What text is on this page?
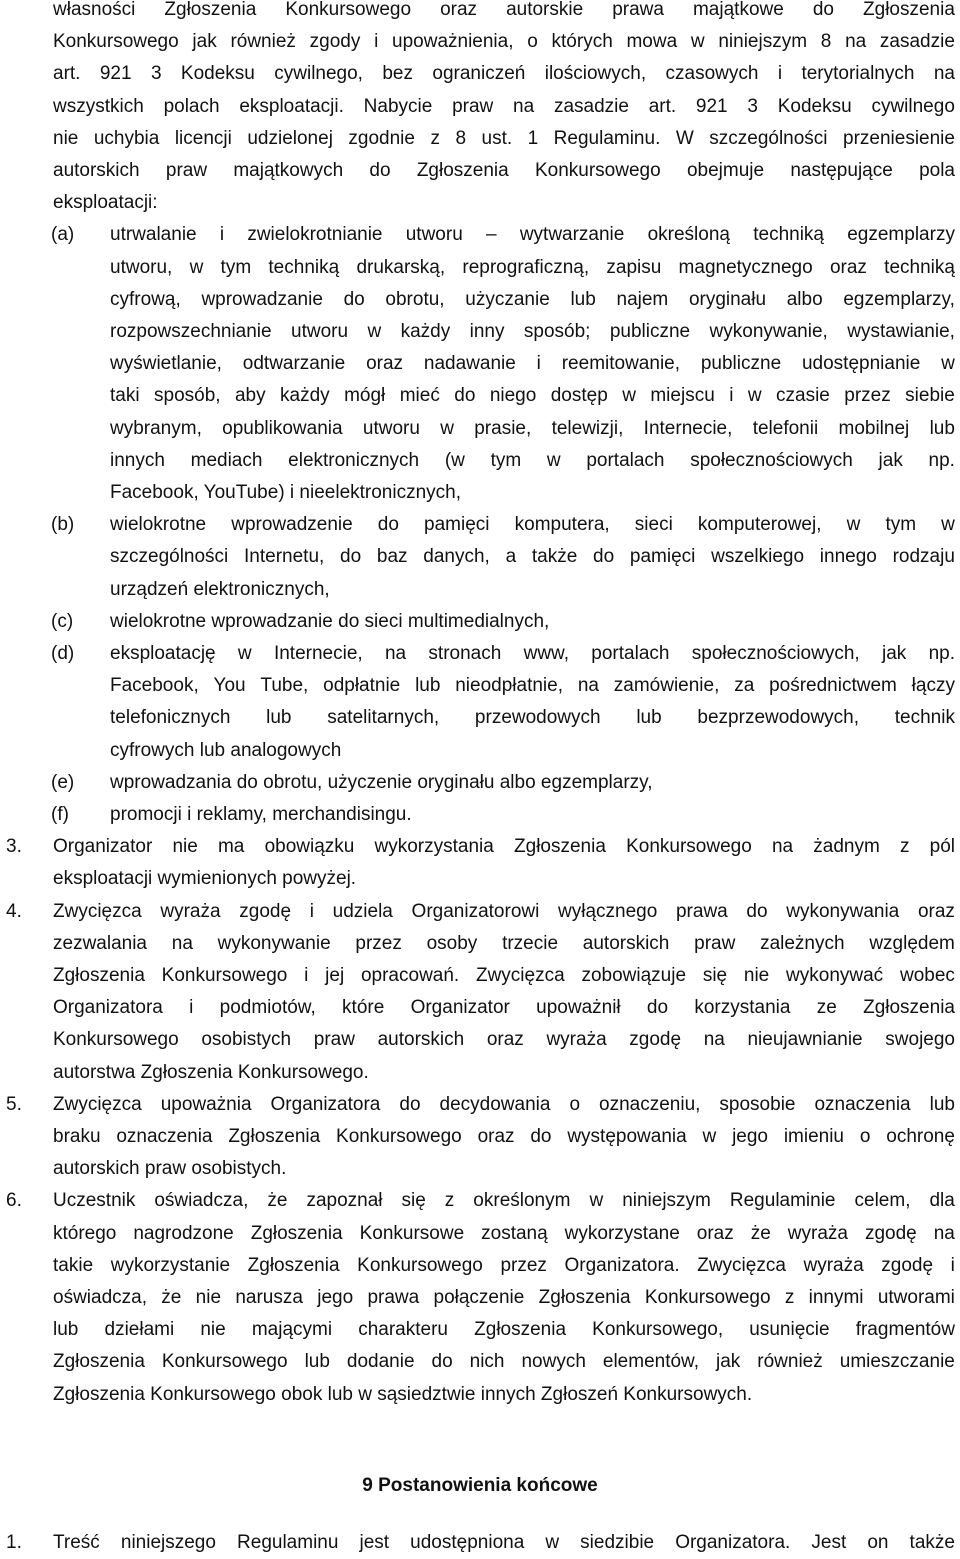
własności Zgłoszenia Konkursowego oraz autorskie prawa majątkowe do Zgłoszenia
Konkursowego jak również zgody i upoważnienia, o których mowa w niniejszym 8 na zasadzie
art. 921 3 Kodeksu cywilnego, bez ograniczeń ilościowych, czasowych i terytorialnych na
wszystkich polach eksploatacji. Nabycie praw na zasadzie art. 921 3 Kodeksu cywilnego
nie uchybia licencji udzielonej zgodnie z 8 ust. 1 Regulaminu. W szczególności przeniesienie
autorskich praw majątkowych do Zgłoszenia Konkursowego obejmuje następujące pola
eksploatacji:
(a) utrwalanie i zwielokrotnianie utworu – wytwarzanie określoną techniką egzemplarzy
utworu, w tym techniką drukarską, reprograficzną, zapisu magnetycznego oraz techniką
cyfrową, wprowadzanie do obrotu, użyczanie lub najem oryginału albo egzemplarzy,
rozpowszechnianie utworu w każdy inny sposób; publiczne wykonywanie, wystawianie,
wyświetlanie, odtwarzanie oraz nadawanie i reemitowanie, publiczne udostępnianie w
taki sposób, aby każdy mógł mieć do niego dostęp w miejscu i w czasie przez siebie
wybranym, opublikowania utworu w prasie, telewizji, Internecie, telefonii mobilnej lub
innych mediach elektronicznych (w tym w portalach społecznościowych jak np.
Facebook, YouTube) i nieelektronicznych,
(b) wielokrotne wprowadzenie do pamięci komputera, sieci komputerowej, w tym w
szczególności Internetu, do baz danych, a także do pamięci wszelkiego innego rodzaju
urządzeń elektronicznych,
(c) wielokrotne wprowadzanie do sieci multimedialnych,
(d) eksploatację w Internecie, na stronach www, portalach społecznościowych, jak np.
Facebook, You Tube, odpłatnie lub nieodpłatnie, na zamówienie, za pośrednictwem łączy
telefonicznych lub satelitarnych, przewodowych lub bezprzewodowych, technik
cyfrowych lub analogowych
(e) wprowadzania do obrotu, użyczenie oryginału albo egzemplarzy,
(f) promocji i reklamy, merchandisingu.
3. Organizator nie ma obowiązku wykorzystania Zgłoszenia Konkursowego na żadnym z pól
eksploatacji wymienionych powyżej.
4. Zwycięzca wyraża zgodę i udziela Organizatorowi wyłącznego prawa do wykonywania oraz
zezwalania na wykonywanie przez osoby trzecie autorskich praw zależnych względem
Zgłoszenia Konkursowego i jej opracowań. Zwycięzca zobowiązuje się nie wykonywać wobec
Organizatora i podmiotów, które Organizator upoważnił do korzystania ze Zgłoszenia
Konkursowego osobistych praw autorskich oraz wyraża zgodę na nieujawnianie swojego
autorstwa Zgłoszenia Konkursowego.
5. Zwycięzca upoważnia Organizatora do decydowania o oznaczeniu, sposobie oznaczenia lub
braku oznaczenia Zgłoszenia Konkursowego oraz do występowania w jego imieniu o ochronę
autorskich praw osobistych.
6. Uczestnik oświadcza, że zapoznał się z określonym w niniejszym Regulaminie celem, dla
którego nagrodzone Zgłoszenia Konkursowe zostaną wykorzystane oraz że wyraża zgodę na
takie wykorzystanie Zgłoszenia Konkursowego przez Organizatora. Zwycięzca wyraża zgodę i
oświadcza, że nie narusza jego prawa połączenie Zgłoszenia Konkursowego z innymi utworami
lub dziełami nie mającymi charakteru Zgłoszenia Konkursowego, usunięcie fragmentów
Zgłoszenia Konkursowego lub dodanie do nich nowych elementów, jak również umieszczanie
Zgłoszenia Konkursowego obok lub w sąsiedztwie innych Zgłoszeń Konkursowych.
1. Treść niniejszego Regulaminu jest udostępniona w siedzibie Organizatora. Jest on także
9 Postanowienia końcowe
